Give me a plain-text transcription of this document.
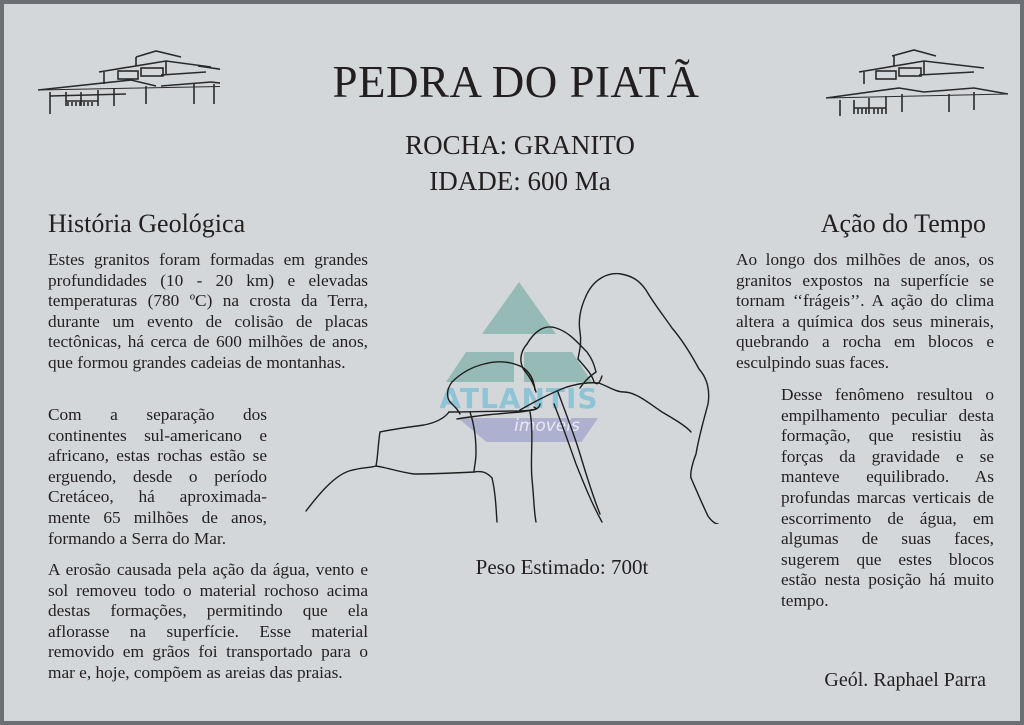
PEDRA DO PIATÃ
ROCHA: GRANITO
IDADE: 600 Ma
História Geológica
Estes granitos foram formadas em grandes profundidades (10 - 20 km) e elevadas temperaturas (780 ºC) na crosta da Terra, durante um evento de colisão de placas tectônicas, há cerca de 600 milhões de anos, que formou grandes cadeias de montanhas.
Com a separação dos continentes sul-americano e africano, estas rochas estão se erguendo, desde o período Cretáceo, há aproximada-mente 65 milhões de anos, formando a Serra do Mar.
A erosão causada pela ação da água, vento e sol removeu todo o material rochoso acima destas formações, permitindo que ela aflorasse na superfície. Esse material removido em grãos foi transportado para o mar e, hoje, compõem as areias das praias.
Ação do Tempo
Ao longo dos milhões de anos, os granitos expostos na superfície se tornam ‘‘frágeis’’. A ação do clima altera a química dos seus minerais, quebrando a rocha em blocos e esculpindo suas faces.
Desse fenômeno resultou o empilhamento peculiar desta formação, que resistiu às forças da gravidade e se manteve equilibrado. As profundas marcas verticais de escorrimento de água, em algumas de suas faces, sugerem que estes blocos estão nesta posição há muito tempo.
ATLANTIS
imoveis
Peso Estimado: 700t
Geól. Raphael Parra
